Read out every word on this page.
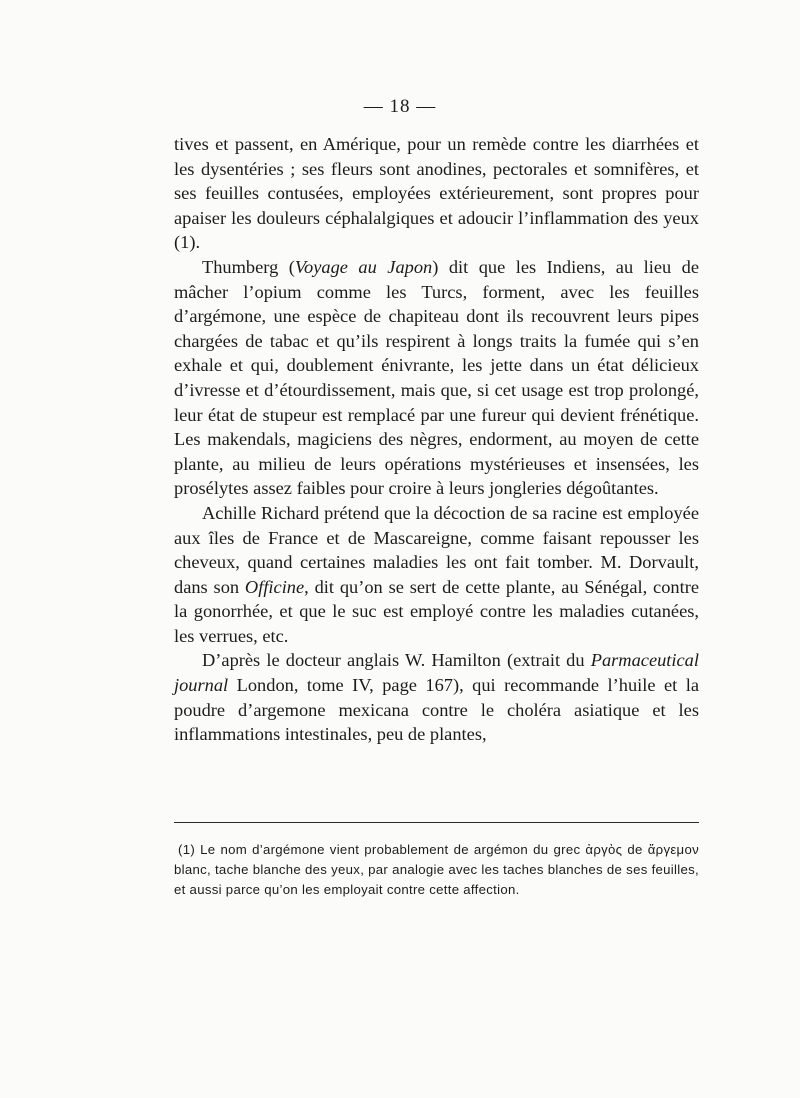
— 18 —

tives et passent, en Amérique, pour un remède contre les diarrhées et les dysentéries ; ses fleurs sont anodines, pectorales et somnifères, et ses feuilles contusées, employées extérieurement, sont propres pour apaiser les douleurs céphalalgiques et adoucir l’inflammation des yeux (1).

Thumberg (Voyage au Japon) dit que les Indiens, au lieu de mâcher l’opium comme les Turcs, forment, avec les feuilles d’argémone, une espèce de chapiteau dont ils recouvrent leurs pipes chargées de tabac et qu’ils respirent à longs traits la fumée qui s’en exhale et qui, doublement énivrante, les jette dans un état délicieux d’ivresse et d’étourdissement, mais que, si cet usage est trop prolongé, leur état de stupeur est remplacé par une fureur qui devient frénétique. Les makendals, magiciens des nègres, endorment, au moyen de cette plante, au milieu de leurs opérations mystérieuses et insensées, les prosélytes assez faibles pour croire à leurs jongleries dégoûtantes.

Achille Richard prétend que la décoction de sa racine est employée aux îles de France et de Mascareigne, comme faisant repousser les cheveux, quand certaines maladies les ont fait tomber. M. Dorvault, dans son Officine, dit qu’on se sert de cette plante, au Sénégal, contre la gonorrhée, et que le suc est employé contre les maladies cutanées, les verrues, etc.

D’après le docteur anglais W. Hamilton (extrait du Parmaceutical journal London, tome IV, page 167), qui recommande l’huile et la poudre d’argemone mexicana contre le choléra asiatique et les inflammations intestinales, peu de plantes,

(1) Le nom d’argémone vient probablement de argémon du grec ἀργὸς de ἄργεμον blanc, tache blanche des yeux, par analogie avec les taches blanches de ses feuilles, et aussi parce qu’on les employait contre cette affection.
